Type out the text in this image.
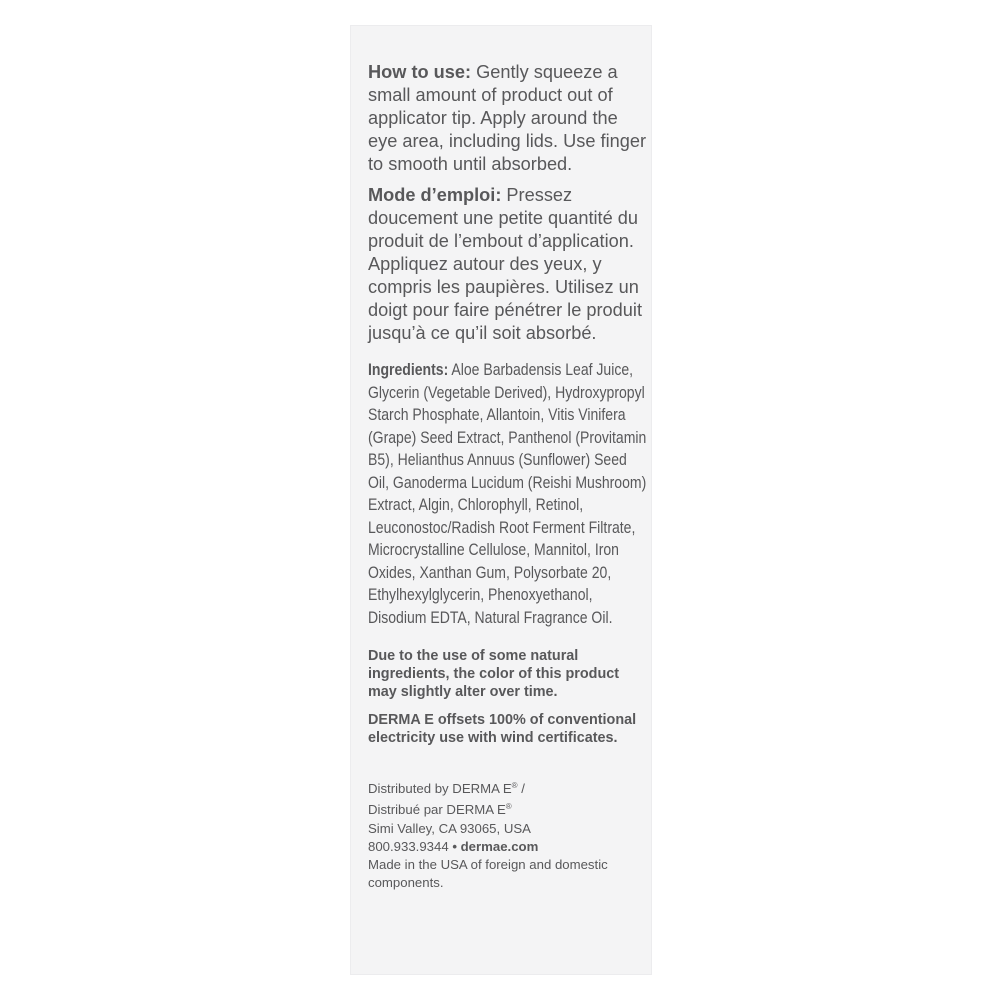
How to use: Gently squeeze a small amount of product out of applicator tip. Apply around the eye area, including lids. Use finger to smooth until absorbed.

Mode d’emploi: Pressez doucement une petite quantité du produit de l’embout d’application. Appliquez autour des yeux, y compris les paupières. Utilisez un doigt pour faire pénétrer le produit jusqu’à ce qu’il soit absorbé.

Ingredients: Aloe Barbadensis Leaf Juice, Glycerin (Vegetable Derived), Hydroxypropyl Starch Phosphate, Allantoin, Vitis Vinifera (Grape) Seed Extract, Panthenol (Provitamin B5), Helianthus Annuus (Sunflower) Seed Oil, Ganoderma Lucidum (Reishi Mushroom) Extract, Algin, Chlorophyll, Retinol, Leuconostoc/Radish Root Ferment Filtrate, Microcrystalline Cellulose, Mannitol, Iron Oxides, Xanthan Gum, Polysorbate 20, Ethylhexylglycerin, Phenoxyethanol, Disodium EDTA, Natural Fragrance Oil.

Due to the use of some natural ingredients, the color of this product may slightly alter over time.

DERMA E offsets 100% of conventional electricity use with wind certificates.

Distributed by DERMA E® /

Distribué par DERMA E®

Simi Valley, CA 93065, USA

800.933.9344 • dermae.com

Made in the USA of foreign and domestic components.
